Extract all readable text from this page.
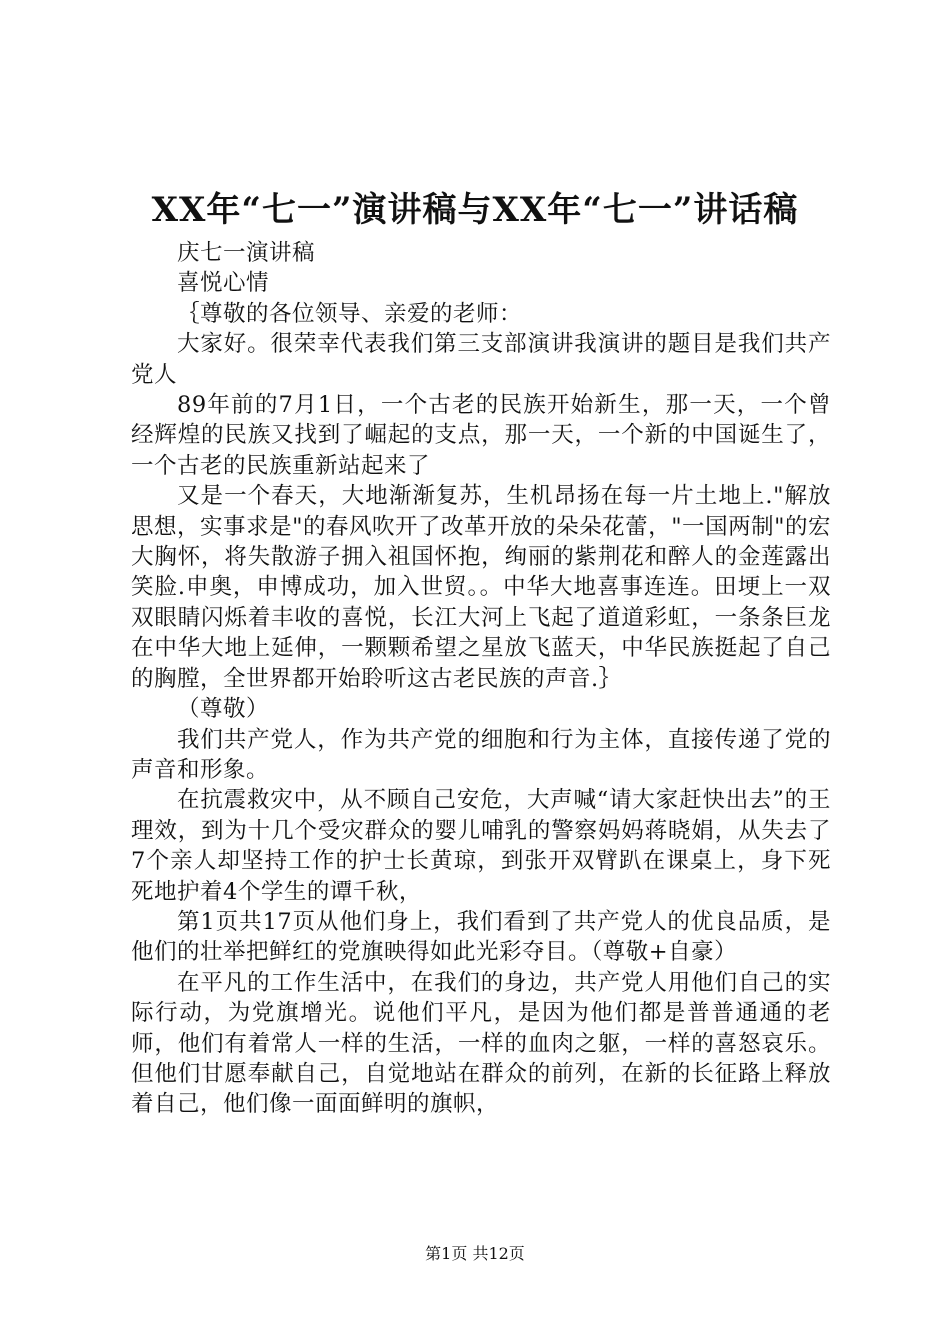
XX年“七一”演讲稿与XX年“七一”讲话稿

庆七一演讲稿

喜悦心情

｛尊敬的各位领导、亲爱的老师：

大家好。很荣幸代表我们第三支部演讲我演讲的题目是我们共产党人

89年前的7月1日，一个古老的民族开始新生，那一天，一个曾经辉煌的民族又找到了崛起的支点，那一天，一个新的中国诞生了，一个古老的民族重新站起来了

又是一个春天，大地渐渐复苏，生机昂扬在每一片土地上."解放思想，实事求是"的春风吹开了改革开放的朵朵花蕾，"一国两制"的宏大胸怀，将失散游子拥入祖国怀抱，绚丽的紫荆花和醉人的金莲露出笑脸.申奥，申博成功，加入世贸。。中华大地喜事连连。田埂上一双双眼睛闪烁着丰收的喜悦，长江大河上飞起了道道彩虹，一条条巨龙在中华大地上延伸，一颗颗希望之星放飞蓝天，中华民族挺起了自己的胸膛，全世界都开始聆听这古老民族的声音.｝

（尊敬）

我们共产党人，作为共产党的细胞和行为主体，直接传递了党的声音和形象。

在抗震救灾中，从不顾自己安危，大声喊“请大家赶快出去”的王理效，到为十几个受灾群众的婴儿哺乳的警察妈妈蒋晓娟，从失去了7个亲人却坚持工作的护士长黄琼，到张开双臂趴在课桌上，身下死死地护着4个学生的谭千秋，

第1页共17页从他们身上，我们看到了共产党人的优良品质，是他们的壮举把鲜红的党旗映得如此光彩夺目。（尊敬+自豪）

在平凡的工作生活中，在我们的身边，共产党人用他们自己的实际行动，为党旗增光。说他们平凡，是因为他们都是普普通通的老师，他们有着常人一样的生活，一样的血肉之躯，一样的喜怒哀乐。但他们甘愿奉献自己，自觉地站在群众的前列，在新的长征路上释放着自己，他们像一面面鲜明的旗帜，

第1页 共12页
